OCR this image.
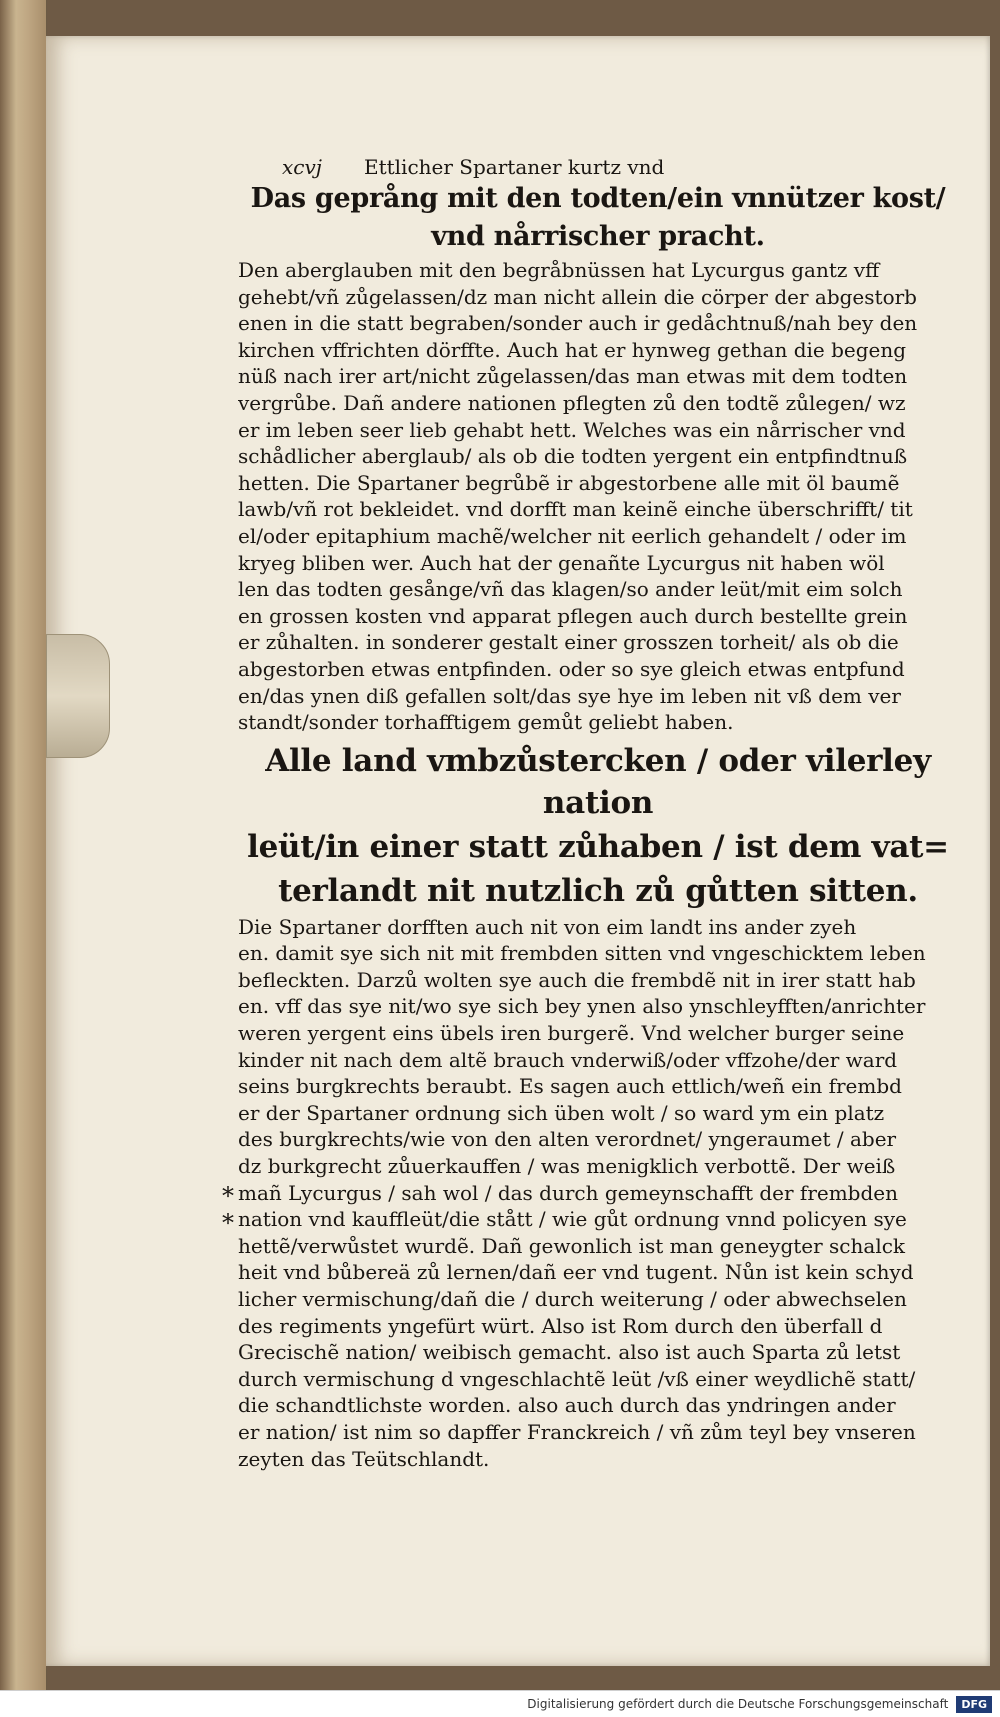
xcvj Ettlicher Spartaner kurtz vnd
Das geprång mit den todten/ein vnnützer kost/
vnd nårrischer pracht.
Den aberglauben mit den begråbnüssen hat Lycurgus gantz vff
gehebt/vñ zůgelassen/dz man nicht allein die cörper der abgestorb
enen in die statt begraben/sonder auch ir gedåchtnuß/nah bey den
kirchen vffrichten dörffte. Auch hat er hynweg gethan die begeng
nüß nach irer art/nicht zůgelassen/das man etwas mit dem todten
vergrůbe. Dañ andere nationen pflegten zů den todtẽ zůlegen/ wz
er im leben seer lieb gehabt hett. Welches was ein nårrischer vnd
schådlicher aberglaub/ als ob die todten yergent ein entpfindtnuß
hetten. Die Spartaner begrůbẽ ir abgestorbene alle mit öl baumẽ
lawb/vñ rot bekleidet. vnd dorfft man keinẽ einche überschrifft/ tit
el/oder epitaphium machẽ/welcher nit eerlich gehandelt / oder im
kryeg bliben wer. Auch hat der genañte Lycurgus nit haben wöl
len das todten gesånge/vñ das klagen/so ander leüt/mit eim solch
en grossen kosten vnd apparat pflegen auch durch bestellte grein
er zůhalten. in sonderer gestalt einer grosszen torheit/ als ob die
abgestorben etwas entpfinden. oder so sye gleich etwas entpfund
en/das ynen diß gefallen solt/das sye hye im leben nit vß dem ver
standt/sonder torhafftigem gemůt geliebt haben.
Alle land vmbzůstercken / oder vilerley nation
leüt/in einer statt zůhaben / ist dem vat=
terlandt nit nutzlich zů gůtten sitten.
Die Spartaner dorfften auch nit von eim landt ins ander zyeh
en. damit sye sich nit mit frembden sitten vnd vngeschicktem leben
befleckten. Darzů wolten sye auch die frembdẽ nit in irer statt hab
en. vff das sye nit/wo sye sich bey ynen also ynschleyfften/anrichter
weren yergent eins übels iren burgerẽ. Vnd welcher burger seine
kinder nit nach dem altẽ brauch vnderwiß/oder vffzohe/der ward
seins burgkrechts beraubt. Es sagen auch ettlich/weñ ein frembd
er der Spartaner ordnung sich üben wolt / so ward ym ein platz
des burgkrechts/wie von den alten verordnet/ yngeraumet / aber
dz burkgrecht zůuerkauffen / was menigklich verbottẽ. Der weiß
mañ Lycurgus / sah wol / das durch gemeynschafft der frembden
nation vnd kauffleüt/die stått / wie gůt ordnung vnnd policyen sye
hettẽ/verwůstet wurdẽ. Dañ gewonlich ist man geneygter schalck
heit vnd bůbereä zů lernen/dañ eer vnd tugent. Nůn ist kein schyd
licher vermischung/dañ die / durch weiterung / oder abwechselen
des regiments yngefürt würt. Also ist Rom durch den überfall d
Grecischẽ nation/ weibisch gemacht. also ist auch Sparta zů letst
durch vermischung d vngeschlachtẽ leüt /vß einer weydlichẽ statt/
die schandtlichste worden. also auch durch das yndringen ander
er nation/ ist nim so dapffer Franckreich / vñ zům teyl bey vnseren
zeyten das Teütschlandt.
*
*
Digitalisierung gefördert durch die Deutsche Forschungsgemeinschaft	DFG
